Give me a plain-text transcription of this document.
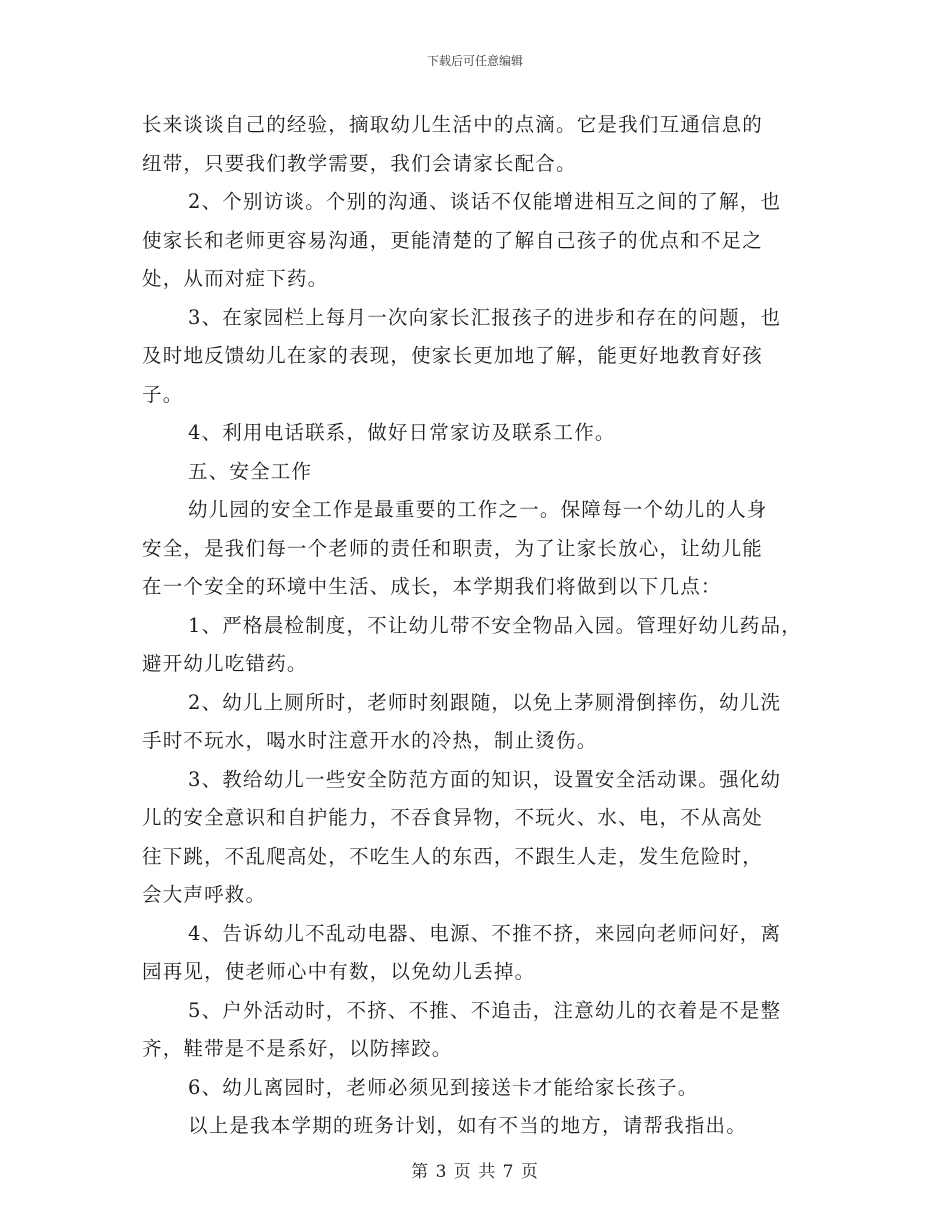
下载后可任意编辑
长来谈谈自己的经验，摘取幼儿生活中的点滴。它是我们互通信息的
纽带，只要我们教学需要，我们会请家长配合。
2、个别访谈。个别的沟通、谈话不仅能增进相互之间的了解，也
使家长和老师更容易沟通，更能清楚的了解自己孩子的优点和不足之
处，从而对症下药。
3、在家园栏上每月一次向家长汇报孩子的进步和存在的问题，也
及时地反馈幼儿在家的表现，使家长更加地了解，能更好地教育好孩
子。
4、利用电话联系，做好日常家访及联系工作。
五、安全工作
幼儿园的安全工作是最重要的工作之一。保障每一个幼儿的人身
安全，是我们每一个老师的责任和职责，为了让家长放心，让幼儿能
在一个安全的环境中生活、成长，本学期我们将做到以下几点：
1、严格晨检制度，不让幼儿带不安全物品入园。管理好幼儿药品，
避开幼儿吃错药。
2、幼儿上厕所时，老师时刻跟随，以免上茅厕滑倒摔伤，幼儿洗
手时不玩水，喝水时注意开水的冷热，制止烫伤。
3、教给幼儿一些安全防范方面的知识，设置安全活动课。强化幼
儿的安全意识和自护能力，不吞食异物，不玩火、水、电，不从高处
往下跳，不乱爬高处，不吃生人的东西，不跟生人走，发生危险时，
会大声呼救。
4、告诉幼儿不乱动电器、电源、不推不挤，来园向老师问好，离
园再见，使老师心中有数，以免幼儿丢掉。
5、户外活动时，不挤、不推、不追击，注意幼儿的衣着是不是整
齐，鞋带是不是系好，以防摔跤。
6、幼儿离园时，老师必须见到接送卡才能给家长孩子。
以上是我本学期的班务计划，如有不当的地方，请帮我指出。
第 3 页 共 7 页
